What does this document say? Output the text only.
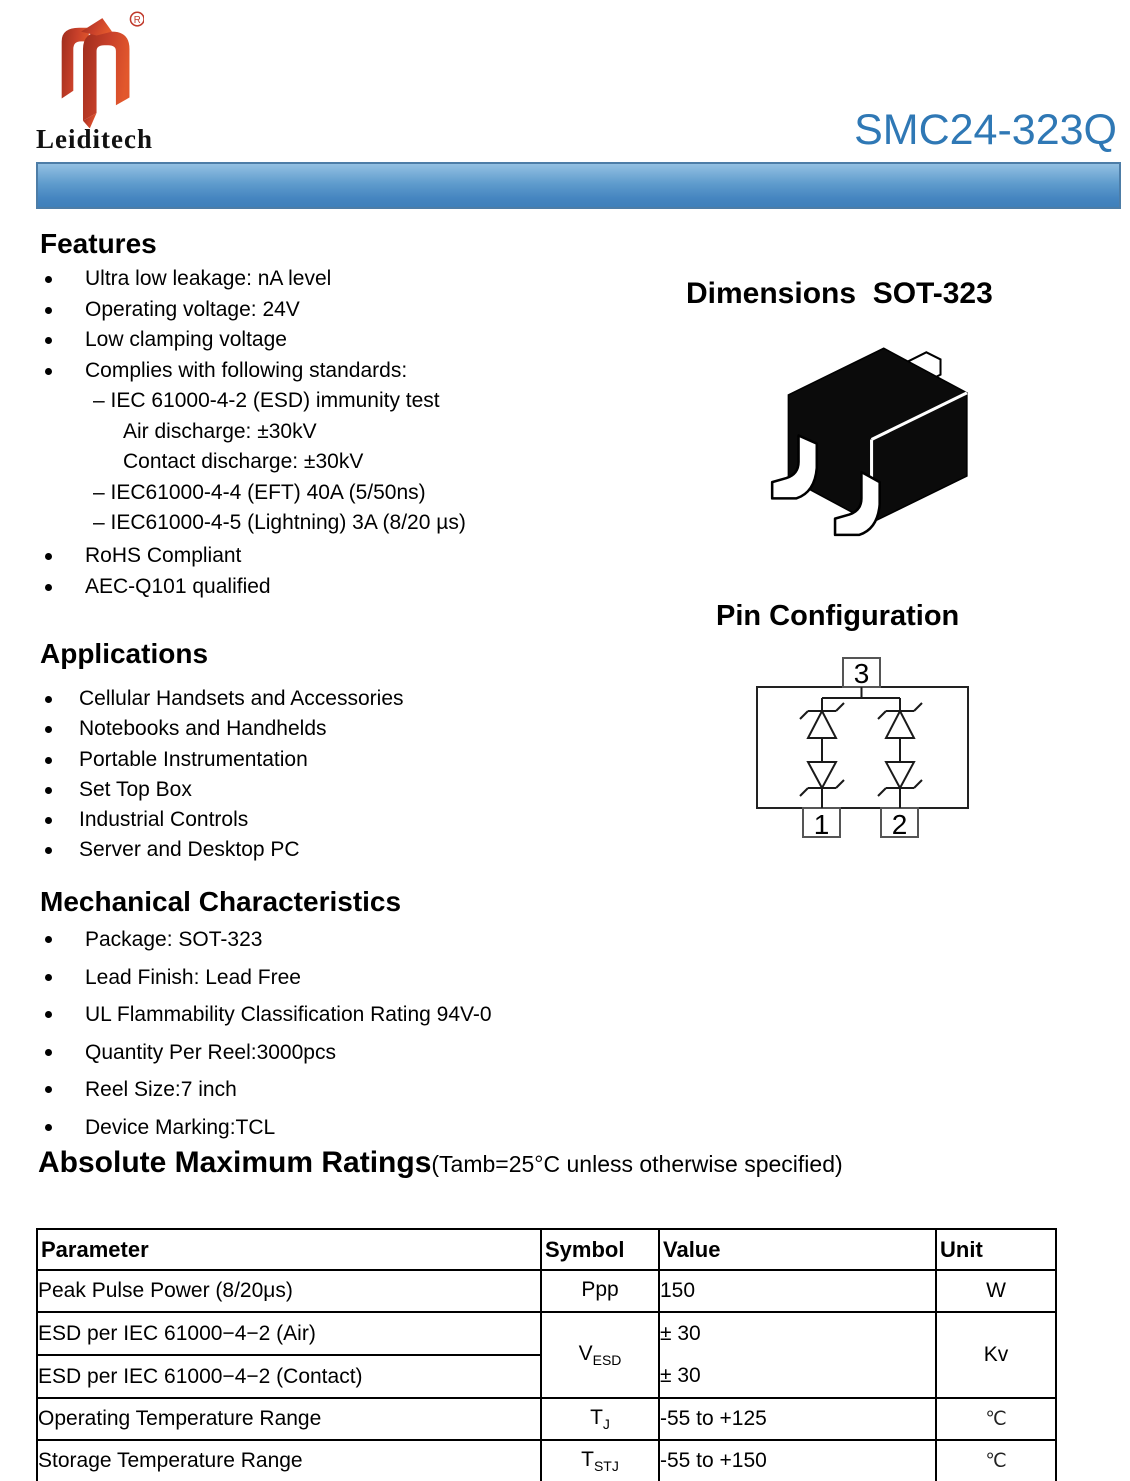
R
Leiditech	SMC24-323Q
Features
Ultra low leakage: nA level
Operating voltage: 24V
Low clamping voltage
Complies with following standards:
– IEC 61000-4-2 (ESD) immunity test
Air discharge: ±30kV
Contact discharge: ±30kV
– IEC61000-4-4 (EFT) 40A (5/50ns)
– IEC61000-4-5 (Lightning) 3A (8/20 µs)
RoHS Compliant
AEC-Q101 qualified
Dimensions  SOT-323
Pin Configuration
3
1 2
Applications
Cellular Handsets and Accessories
Notebooks and Handhelds
Portable Instrumentation
Set Top Box
Industrial Controls
Server and Desktop PC
Mechanical Characteristics
Package: SOT-323
Lead Finish: Lead Free
UL Flammability Classification Rating 94V-0
Quantity Per Reel:3000pcs
Reel Size:7 inch
Device Marking:TCL
Absolute Maximum Ratings(Tamb=25°C unless otherwise specified)
Parameter	Symbol	Value	Unit
Peak Pulse Power (8/20μs)	Ppp	150	W
ESD per IEC 61000−4−2 (Air)	$V_{ESD}$	± 30	Kv
ESD per IEC 61000−4−2 (Contact)		± 30	
Operating Temperature Range	$T_J$	-55 to +125	℃
Storage Temperature Range	$T_{STJ}$	-55 to +150	℃
